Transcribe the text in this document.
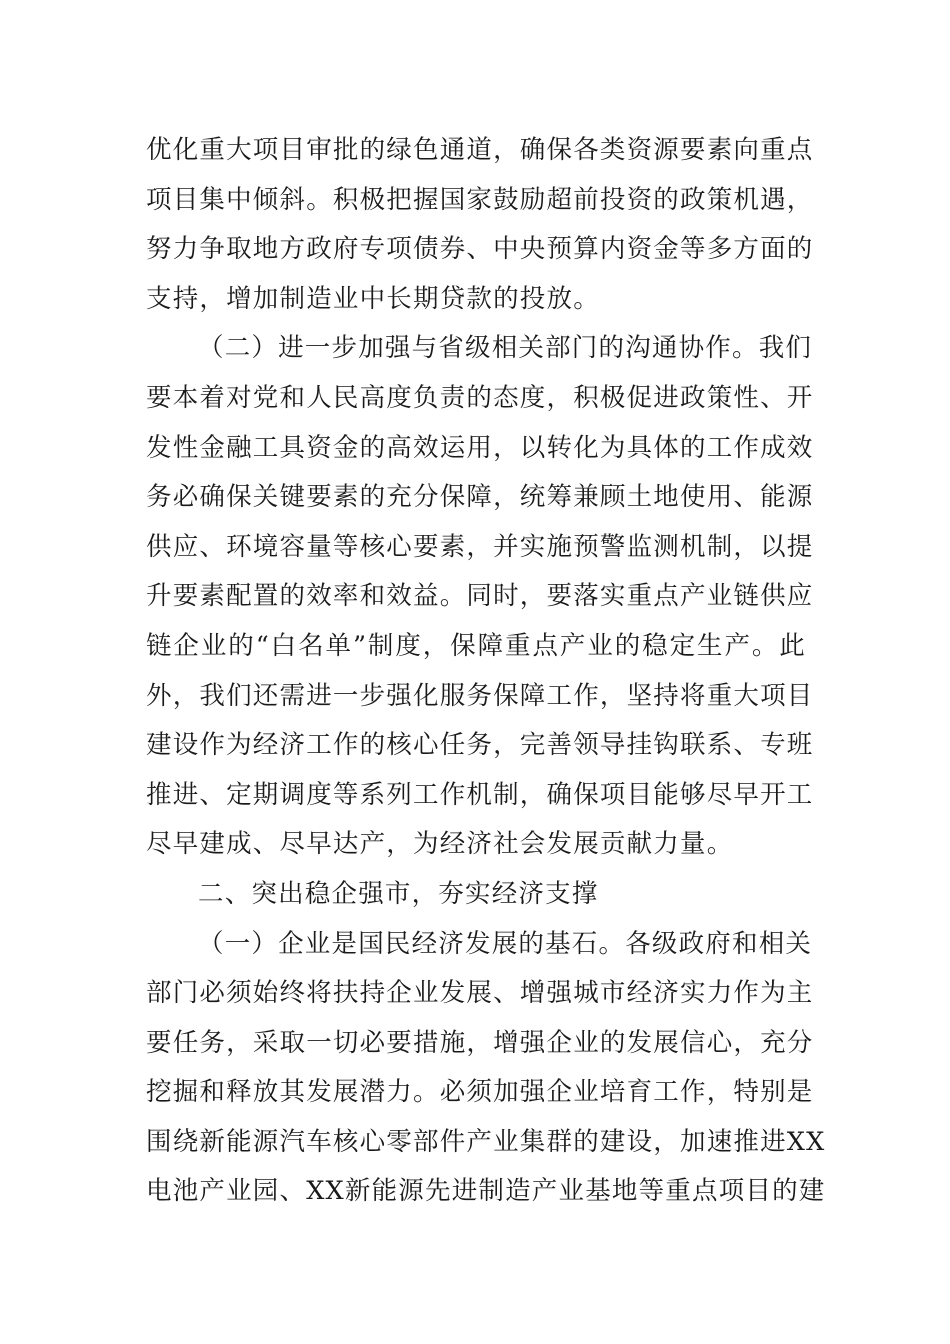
优化重大项目审批的绿色通道，确保各类资源要素向重点
项目集中倾斜。积极把握国家鼓励超前投资的政策机遇，
努力争取地方政府专项债券、中央预算内资金等多方面的
支持，增加制造业中长期贷款的投放。
（二）进一步加强与省级相关部门的沟通协作。我们
要本着对党和人民高度负责的态度，积极促进政策性、开
发性金融工具资金的高效运用，以转化为具体的工作成效
务必确保关键要素的充分保障，统筹兼顾土地使用、能源
供应、环境容量等核心要素，并实施预警监测机制，以提
升要素配置的效率和效益。同时，要落实重点产业链供应
链企业的“白名单”制度，保障重点产业的稳定生产。此
外，我们还需进一步强化服务保障工作，坚持将重大项目
建设作为经济工作的核心任务，完善领导挂钩联系、专班
推进、定期调度等系列工作机制，确保项目能够尽早开工
尽早建成、尽早达产，为经济社会发展贡献力量。
二、突出稳企强市，夯实经济支撑
（一）企业是国民经济发展的基石。各级政府和相关
部门必须始终将扶持企业发展、增强城市经济实力作为主
要任务，采取一切必要措施，增强企业的发展信心，充分
挖掘和释放其发展潜力。必须加强企业培育工作，特别是
围绕新能源汽车核心零部件产业集群的建设，加速推进XX
电池产业园、XX新能源先进制造产业基地等重点项目的建
